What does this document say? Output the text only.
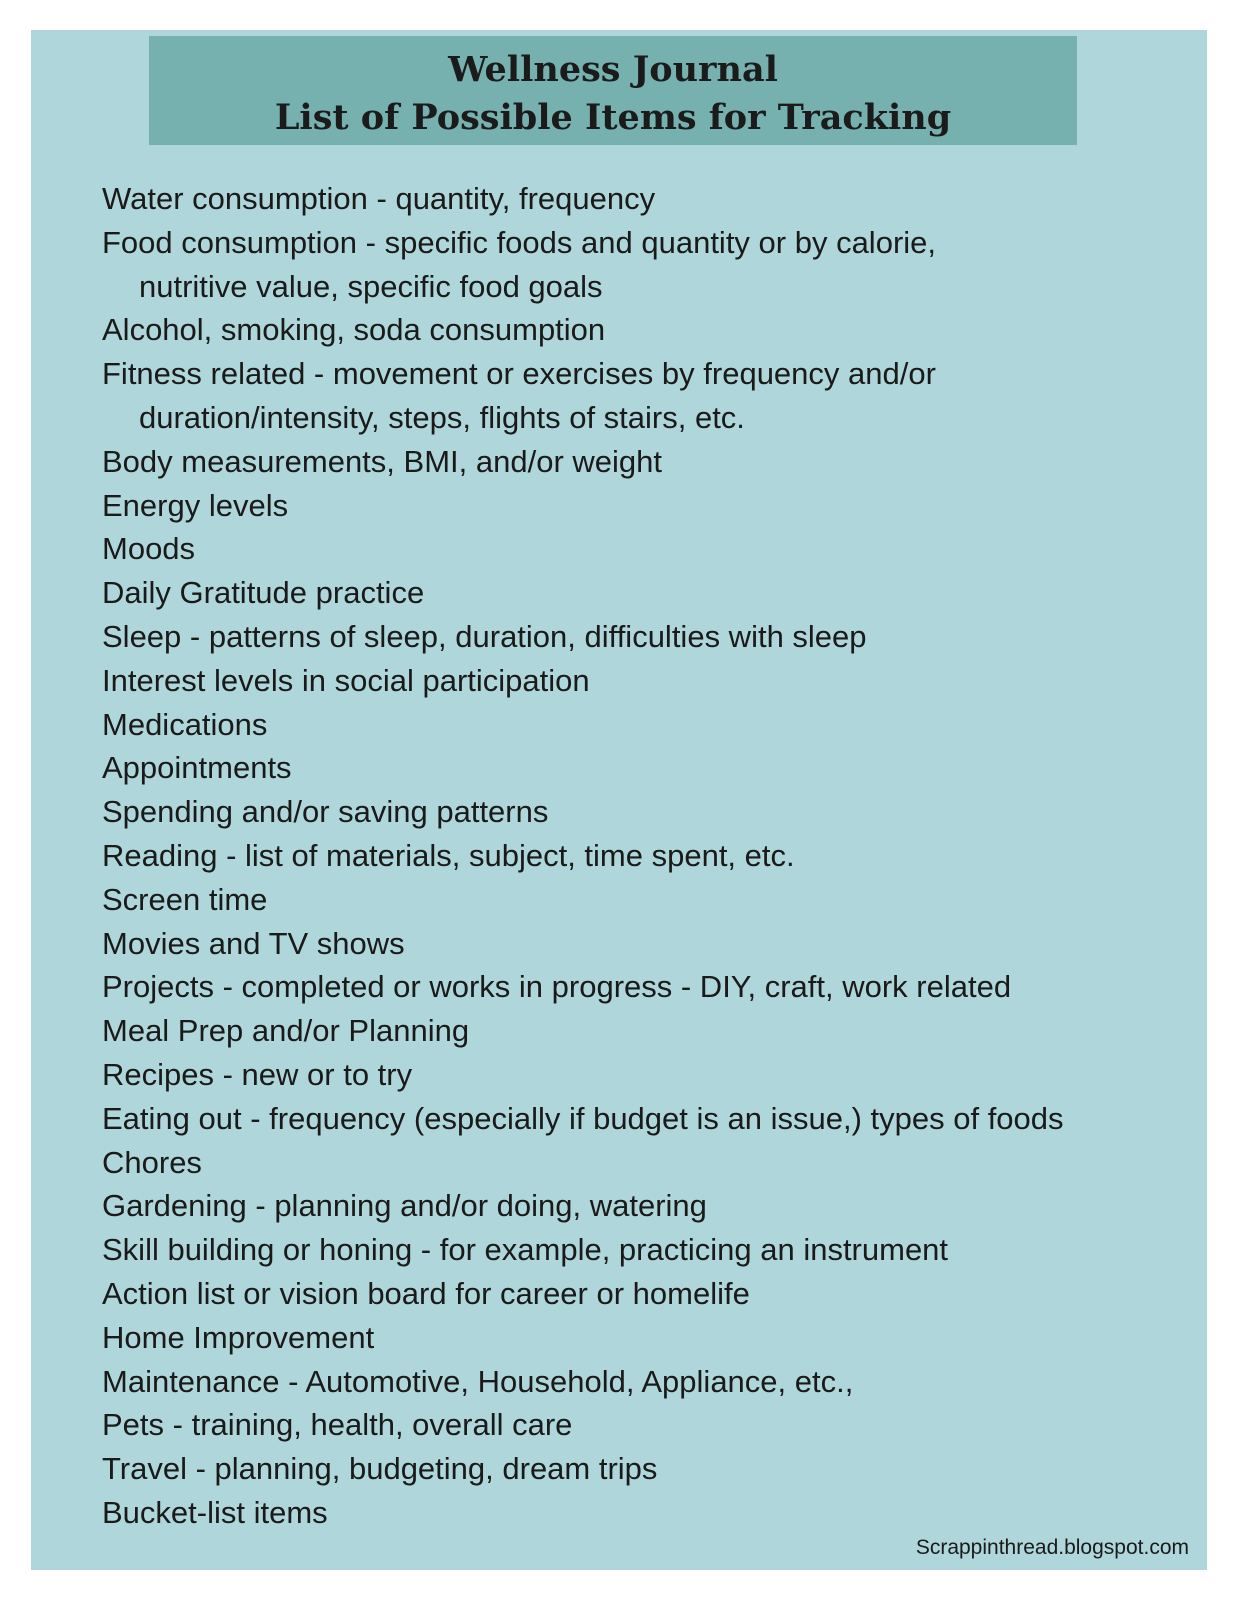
Wellness Journal
List of Possible Items for Tracking
Water consumption - quantity, frequency
Food consumption - specific foods and quantity or by calorie,
nutritive value, specific food goals
Alcohol, smoking, soda consumption
Fitness related - movement or exercises by frequency and/or
duration/intensity, steps, flights of stairs, etc.
Body measurements, BMI, and/or weight
Energy levels
Moods
Daily Gratitude practice
Sleep - patterns of sleep, duration, difficulties with sleep
Interest levels in social participation
Medications
Appointments
Spending and/or saving patterns
Reading - list of materials, subject, time spent, etc.
Screen time
Movies and TV shows
Projects - completed or works in progress - DIY, craft, work related
Meal Prep and/or Planning
Recipes - new or to try
Eating out - frequency (especially if budget is an issue,) types of foods
Chores
Gardening - planning and/or doing, watering
Skill building or honing - for example, practicing an instrument
Action list or vision board for career or homelife
Home Improvement
Maintenance - Automotive, Household, Appliance, etc.,
Pets - training, health, overall care
Travel - planning, budgeting, dream trips
Bucket-list items
Scrappinthread.blogspot.com
